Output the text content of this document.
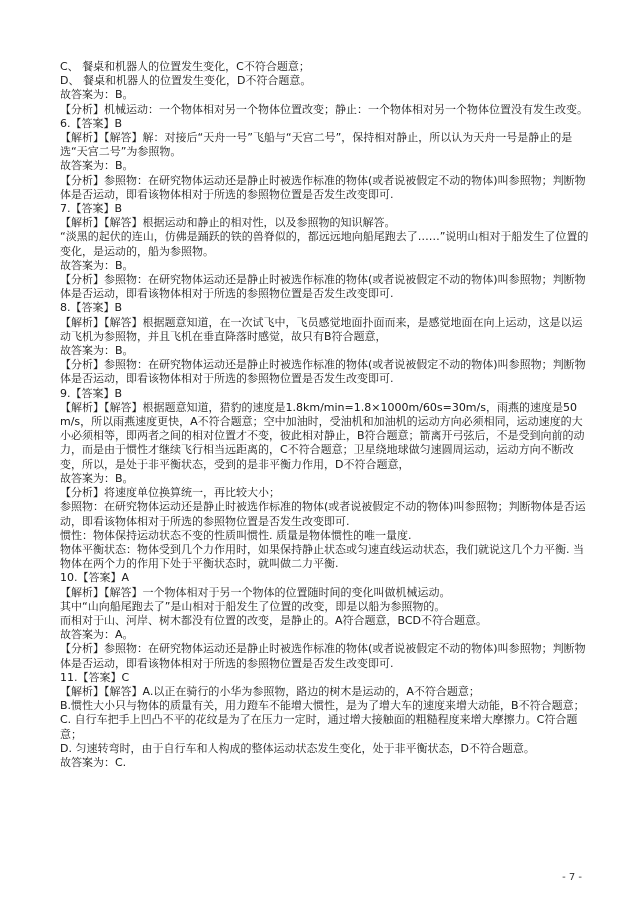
C、 餐桌和机器人的位置发生变化，C不符合题意；

D、 餐桌和机器人的位置发生变化，D不符合题意。

故答案为：B。

【分析】机械运动：一个物体相对另一个物体位置改变；静止：一个物体相对另一个物体位置没有发生改变。

6.【答案】B

【解析】【解答】解：对接后“天舟一号”飞船与“天宫二号”，保持相对静止，所以认为天舟一号是静止的是选“天宫二号”为参照物。

故答案为：B。

【分析】参照物：在研究物体运动还是静止时被选作标准的物体(或者说被假定不动的物体)叫参照物；判断物体是否运动，即看该物体相对于所选的参照物位置是否发生改变即可.

7.【答案】B

【解析】【解答】根据运动和静止的相对性，以及参照物的知识解答。

“淡黑的起伏的连山，仿佛是踊跃的铁的兽脊似的，都远远地向船尾跑去了……”说明山相对于船发生了位置的变化，是运动的，船为参照物。

故答案为：B。

【分析】参照物：在研究物体运动还是静止时被选作标准的物体(或者说被假定不动的物体)叫参照物；判断物体是否运动，即看该物体相对于所选的参照物位置是否发生改变即可.

8.【答案】B

【解析】【解答】根据题意知道，在一次试飞中，飞员感觉地面扑面而来，是感觉地面在向上运动，这是以运动飞机为参照物，并且飞机在垂直降落时感觉，故只有B符合题意，

故答案为：B。

【分析】参照物：在研究物体运动还是静止时被选作标准的物体(或者说被假定不动的物体)叫参照物；判断物体是否运动，即看该物体相对于所选的参照物位置是否发生改变即可.

9.【答案】B

【解析】【解答】根据题意知道，猎豹的速度是1.8km/min=1.8×1000m/60s=30m/s，雨燕的速度是50m/s，所以雨燕速度更快，A不符合题意；空中加油时，受油机和加油机的运动方向必须相同，运动速度的大小必须相等，即两者之间的相对位置才不变，彼此相对静止，B符合题意；箭离开弓弦后，不是受到向前的动力，而是由于惯性才继续飞行相当远距离的，C不符合题意；卫星绕地球做匀速圆周运动，运动方向不断改变，所以，是处于非平衡状态，受到的是非平衡力作用，D不符合题意，

故答案为：B。

【分析】将速度单位换算统一，再比较大小；

参照物：在研究物体运动还是静止时被选作标准的物体(或者说被假定不动的物体)叫参照物；判断物体是否运动，即看该物体相对于所选的参照物位置是否发生改变即可.

惯性：物体保持运动状态不变的性质叫惯性. 质量是物体惯性的唯一量度.

物体平衡状态：物体受到几个力作用时，如果保持静止状态或匀速直线运动状态，我们就说这几个力平衡. 当物体在两个力的作用下处于平衡状态时，就叫做二力平衡.

10.【答案】A

【解析】【解答】一个物体相对于另一个物体的位置随时间的变化叫做机械运动。

其中“山向船尾跑去了”是山相对于船发生了位置的改变，即是以船为参照物的。

而相对于山、河岸、树木都没有位置的改变，是静止的。A符合题意，BCD不符合题意。

故答案为：A。

【分析】参照物：在研究物体运动还是静止时被选作标准的物体(或者说被假定不动的物体)叫参照物；判断物体是否运动，即看该物体相对于所选的参照物位置是否发生改变即可.

11.【答案】C

【解析】【解答】A.以正在骑行的小华为参照物，路边的树木是运动的，A不符合题意；

B.惯性大小只与物体的质量有关，用力蹬车不能增大惯性，是为了增大车的速度来增大动能，B不符合题意；

C. 自行车把手上凹凸不平的花纹是为了在压力一定时，通过增大接触面的粗糙程度来增大摩擦力。C符合题意；

D. 匀速转弯时，由于自行车和人构成的整体运动状态发生变化，处于非平衡状态，D不符合题意。

故答案为：C.

- 7 -
